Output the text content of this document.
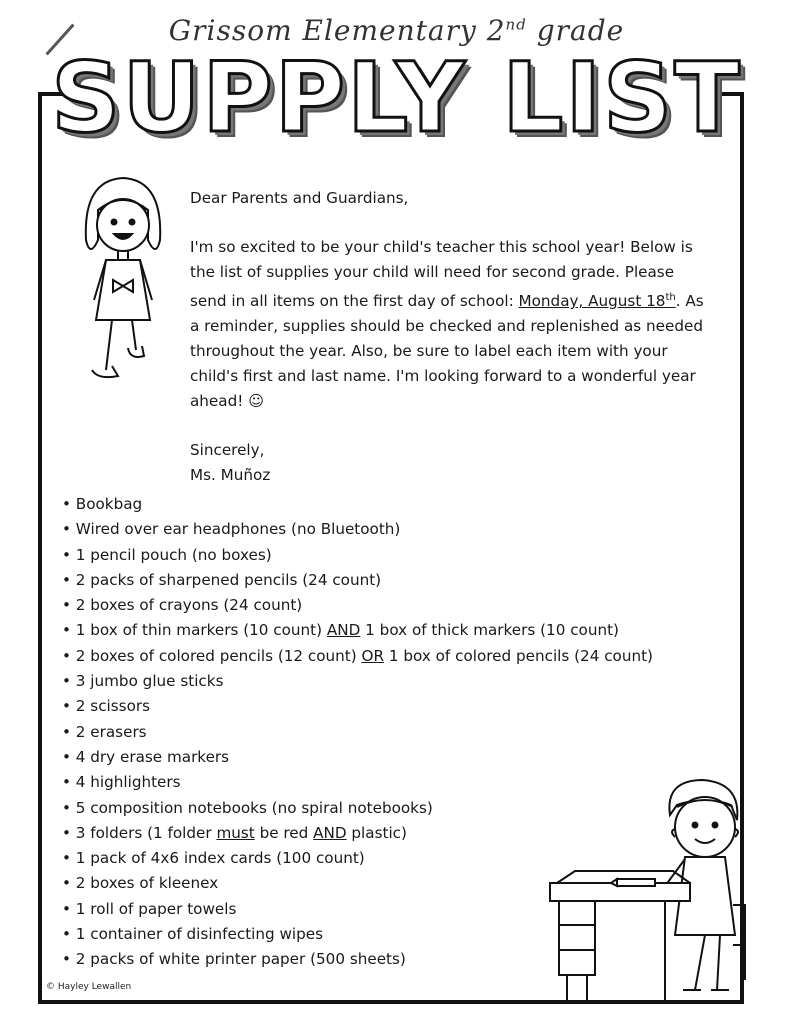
Grissom Elementary 2nd grade
SUPPLY LIST

Dear Parents and Guardians,

I'm so excited to be your child's teacher this school year! Below is the list of supplies your child will need for second grade. Please send in all items on the first day of school: Monday, August 18th. As a reminder, supplies should be checked and replenished as needed throughout the year. Also, be sure to label each item with your child's first and last name. I'm looking forward to a wonderful year ahead! ☺

Sincerely,

Ms. Muñoz

• Bookbag
• Wired over ear headphones (no Bluetooth)
• 1 pencil pouch (no boxes)
• 2 packs of sharpened pencils (24 count)
• 2 boxes of crayons (24 count)
• 1 box of thin markers (10 count) AND 1 box of thick markers (10 count)
• 2 boxes of colored pencils (12 count) OR 1 box of colored pencils (24 count)
• 3 jumbo glue sticks
• 2 scissors
• 2 erasers
• 4 dry erase markers
• 4 highlighters
• 5 composition notebooks (no spiral notebooks)
• 3 folders (1 folder must be red AND plastic)
• 1 pack of 4x6 index cards (100 count)
• 2 boxes of kleenex
• 1 roll of paper towels
• 1 container of disinfecting wipes
• 2 packs of white printer paper (500 sheets)
© Hayley Lewallen
